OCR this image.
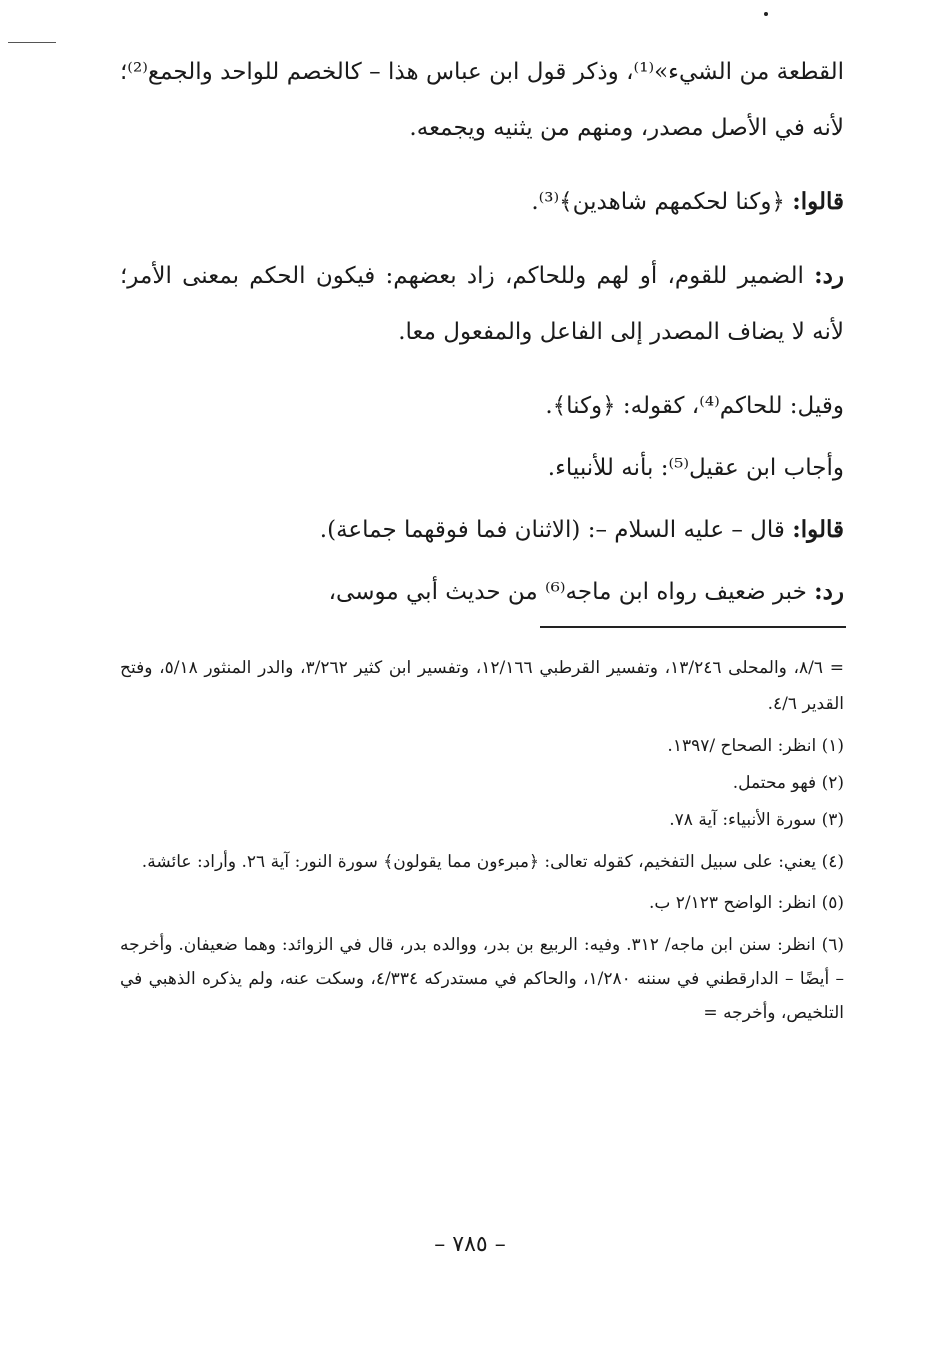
القطعة من الشيء»⁽¹⁾، وذكر قول ابن عباس هذا – كالخصم للواحد والجمع⁽²⁾؛ لأنه في الأصل مصدر، ومنهم من يثنيه ويجمعه.

قالوا: ﴿وكنا لحكمهم شاهدين﴾⁽³⁾.

رد: الضمير للقوم، أو لهم وللحاكم، زاد بعضهم: فيكون الحكم بمعنى الأمر؛ لأنه لا يضاف المصدر إلى الفاعل والمفعول معا.

وقيل: للحاكم⁽⁴⁾، كقوله: ﴿وكنا﴾.

وأجاب ابن عقيل⁽⁵⁾: بأنه للأنبياء.

قالوا: قال – عليه السلام –: (الاثنان فما فوقهما جماعة).

رد: خبر ضعيف رواه ابن ماجه⁽⁶⁾ من حديث أبي موسى،

= ٨/٦، والمحلى ١٣/٢٤٦، وتفسير القرطبي ١٢/١٦٦، وتفسير ابن كثير ٣/٢٦٢، والدر المنثور ٥/١٨، وفتح القدير ٤/٦.

(١) انظر: الصحاح /١٣٩٧.

(٢) فهو محتمل.

(٣) سورة الأنبياء: آية ٧٨.

(٤) يعني: على سبيل التفخيم، كقوله تعالى: ﴿مبرءون مما يقولون﴾ سورة النور: آية ٢٦. وأراد: عائشة.

(٥) انظر: الواضح ٢/١٢٣ ب.

(٦) انظر: سنن ابن ماجه/ ٣١٢. وفيه: الربيع بن بدر، ووالده بدر، قال في الزوائد: وهما ضعيفان. وأخرجه – أيضًا – الدارقطني في سننه ١/٢٨٠، والحاكم في مستدركه ٤/٣٣٤، وسكت عنه، ولم يذكره الذهبي في التلخيص، وأخرجه =

– ٧٨٥ –
